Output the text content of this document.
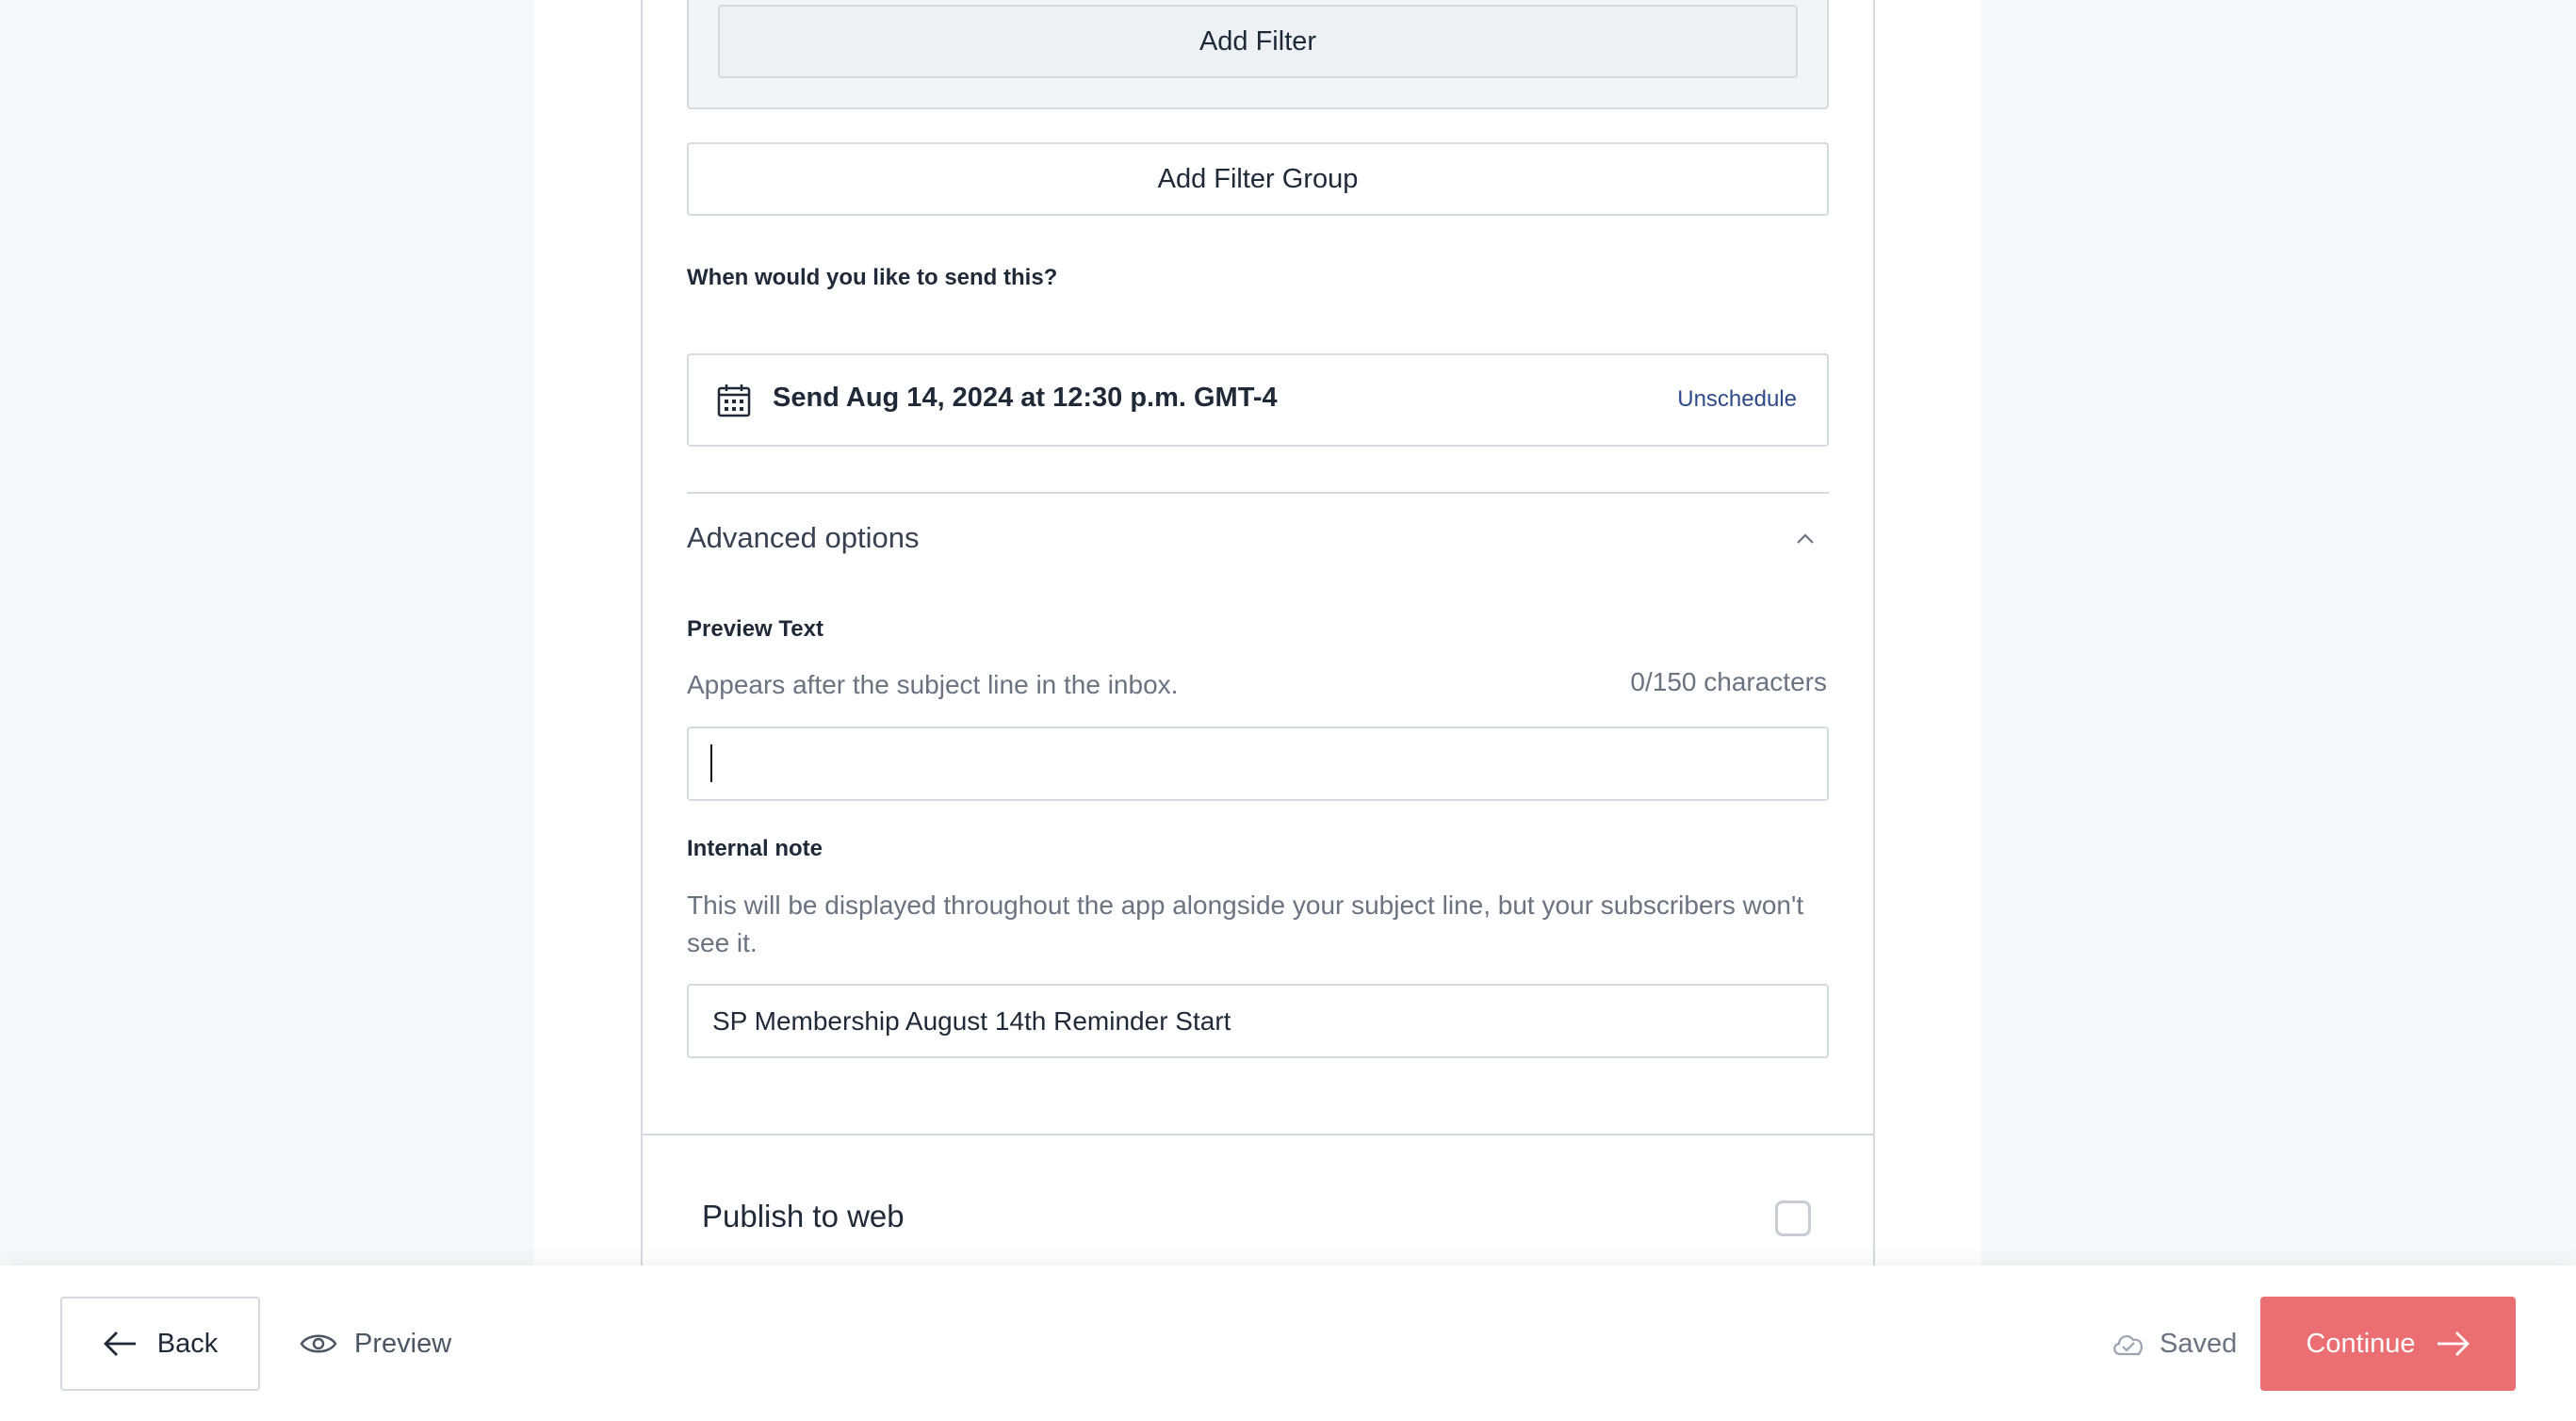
Add Filter
Add Filter Group
When would you like to send this?
Send Aug 14, 2024 at 12:30 p.m. GMT-4	Unschedule
Advanced options
Preview Text
Appears after the subject line in the inbox.	0/150 characters
Internal note
This will be displayed throughout the app alongside your subject line, but your subscribers won't see it.
SP Membership August 14th Reminder Start
Publish to web
Back	Preview	Saved	Continue
